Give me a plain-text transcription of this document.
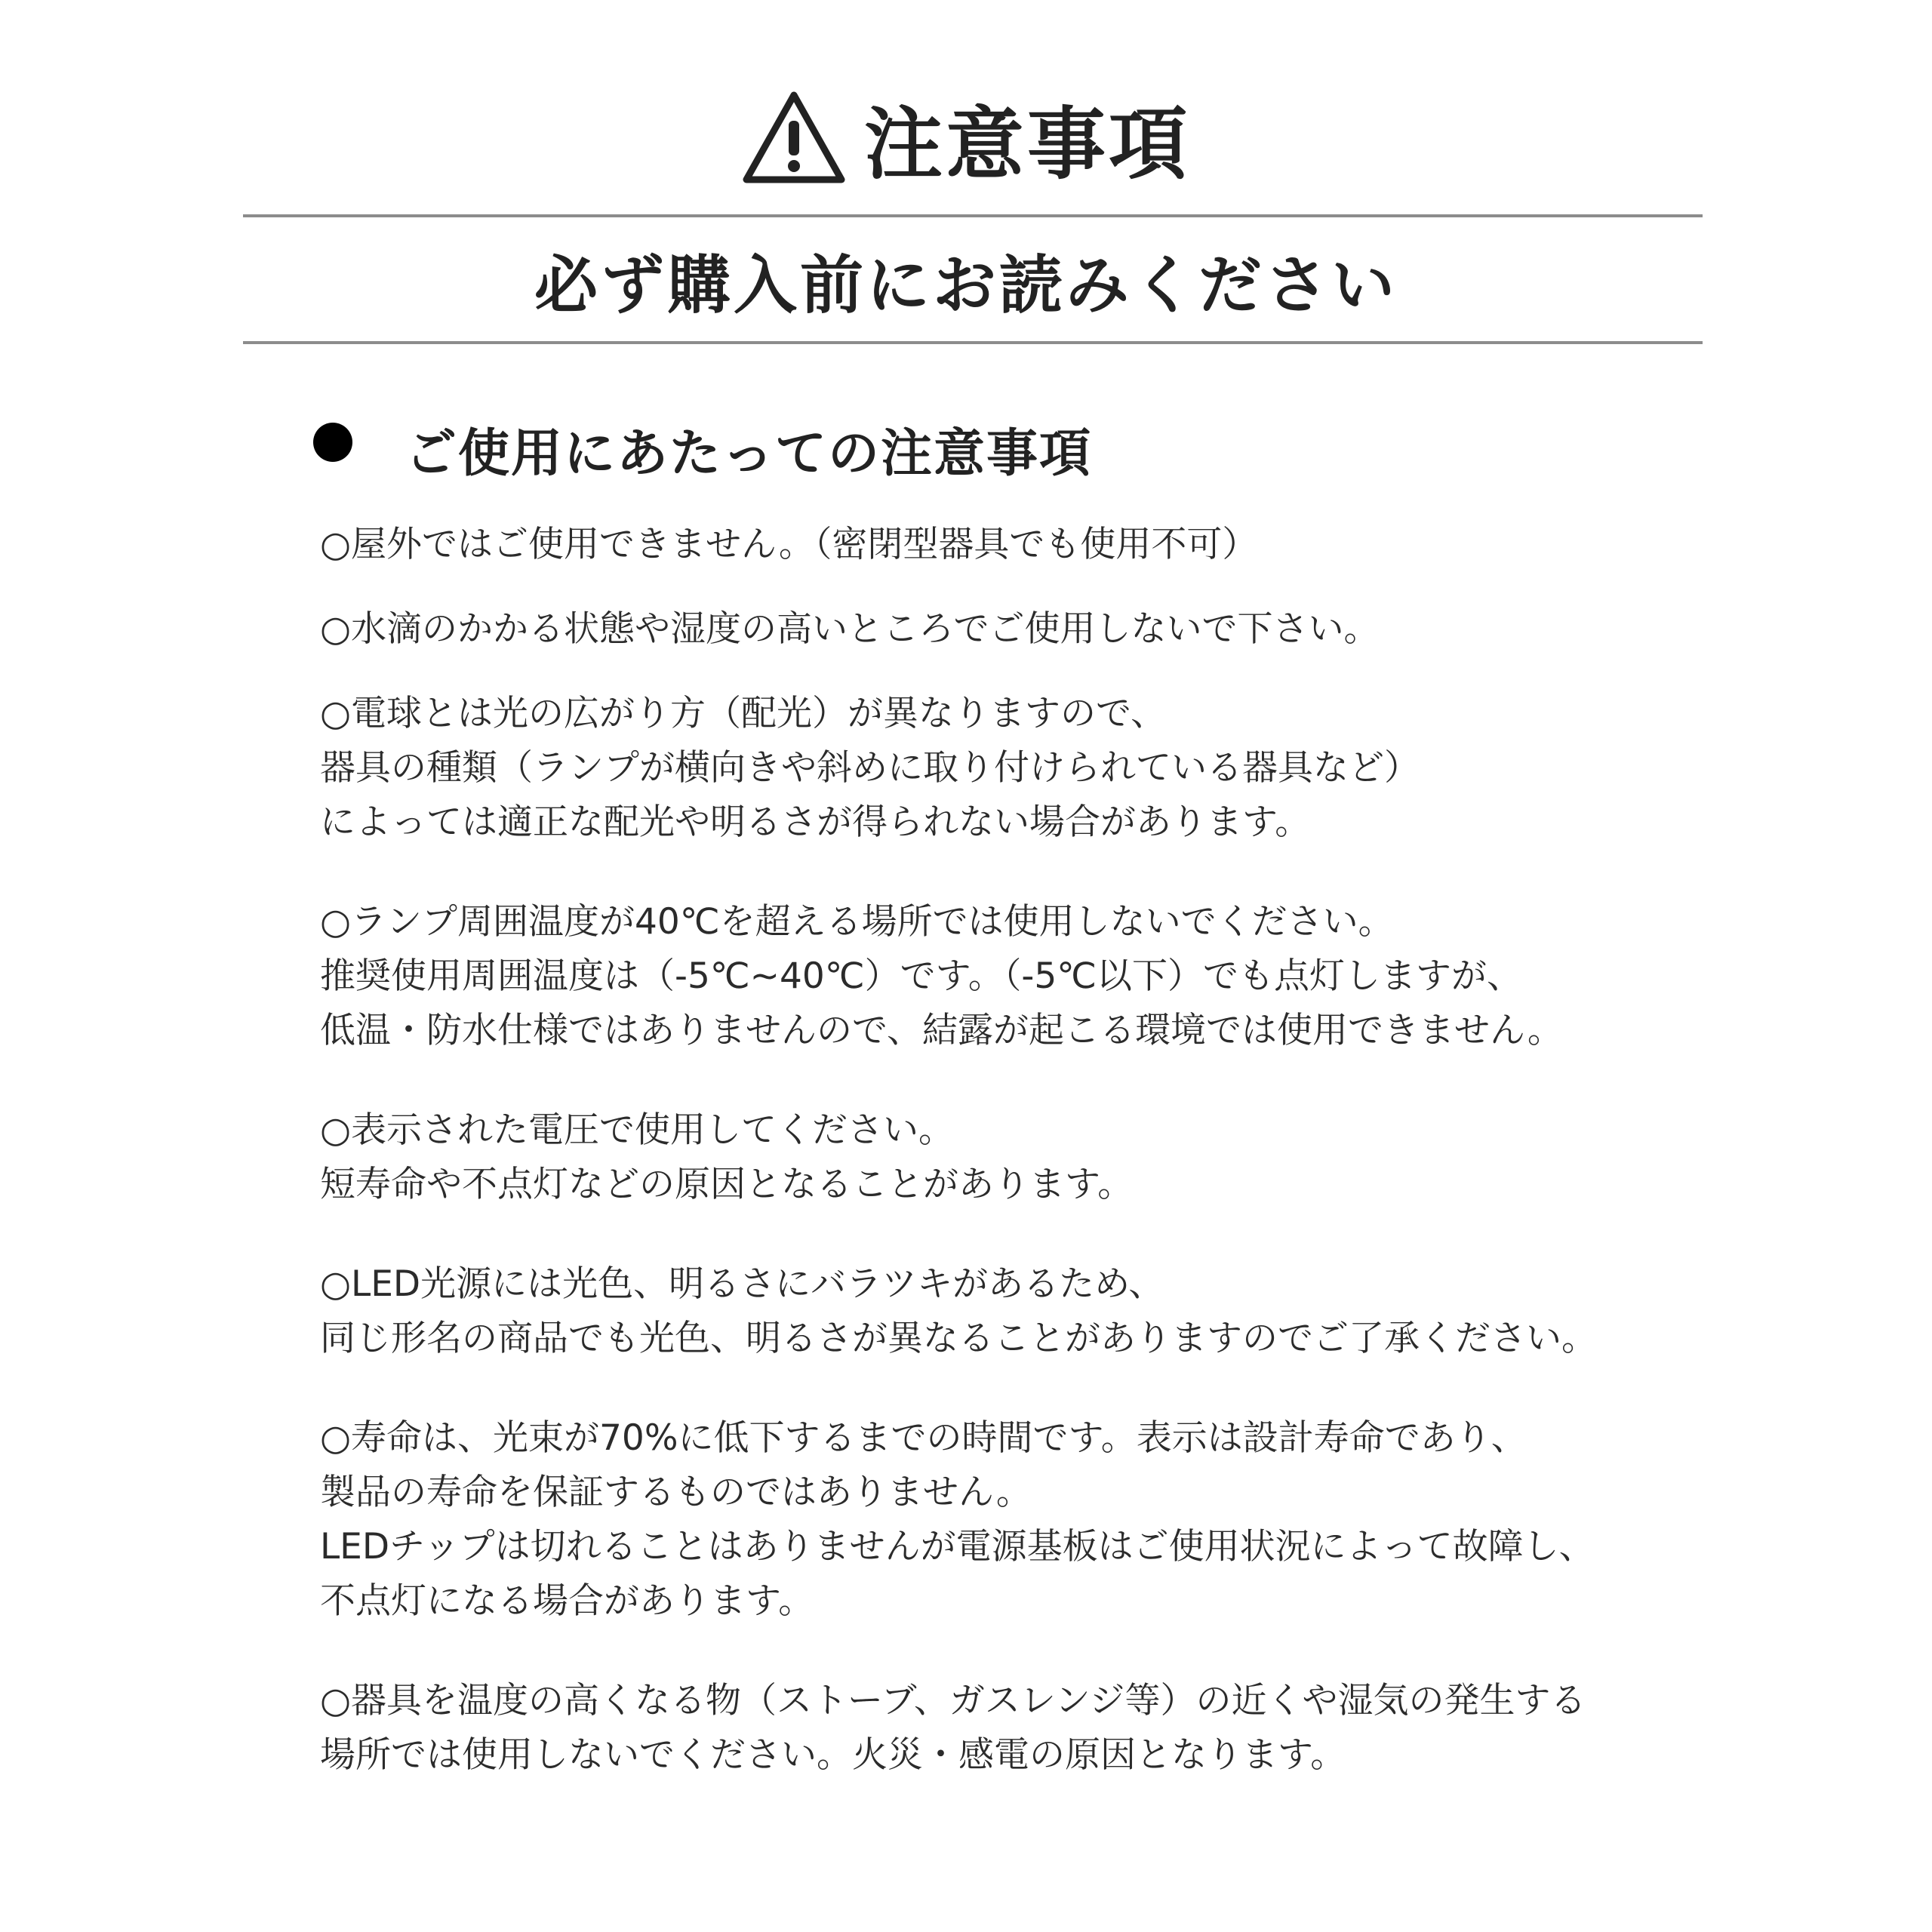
注意事項
必ず購入前にお読みください
ご使用にあたっての注意事項
○屋外ではご使用できません。（密閉型器具でも使用不可）
○水滴のかかる状態や湿度の高いところでご使用しないで下さい。
○電球とは光の広がり方（配光）が異なりますので、
器具の種類（ランプが横向きや斜めに取り付けられている器具など）
によっては適正な配光や明るさが得られない場合があります。
○ランプ周囲温度が40℃を超える場所では使用しないでください。
推奨使用周囲温度は（-5℃~40℃）です。（-5℃以下）でも点灯しますが、
低温・防水仕様ではありませんので、結露が起こる環境では使用できません。
○表示された電圧で使用してください。
短寿命や不点灯などの原因となることがあります。
○LED光源には光色、明るさにバラツキがあるため、
同じ形名の商品でも光色、明るさが異なることがありますのでご了承ください。
○寿命は、光束が70%に低下するまでの時間です。表示は設計寿命であり、
製品の寿命を保証するものではありません。
LEDチップは切れることはありませんが電源基板はご使用状況によって故障し、
不点灯になる場合があります。
○器具を温度の高くなる物（ストーブ、ガスレンジ等）の近くや湿気の発生する
場所では使用しないでください。火災・感電の原因となります。
